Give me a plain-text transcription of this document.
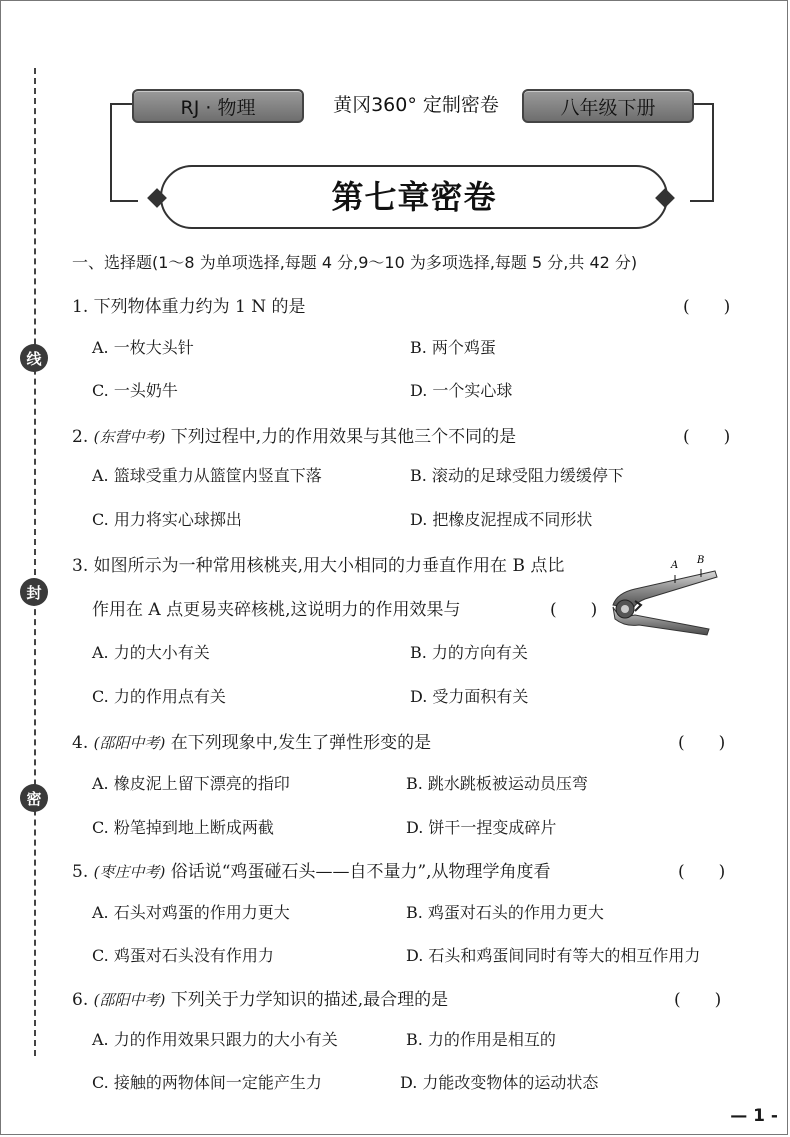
线
封
密
RJ · 物理	黄冈360° 定制密卷	八年级下册
第七章密卷
一、选择题(1～8 为单项选择,每题 4 分,9～10 为多项选择,每题 5 分,共 42 分)
1. 下列物体重力约为 1 N 的是	(　　)
A. 一枚大头针	B. 两个鸡蛋
C. 一头奶牛	D. 一个实心球
2. (东营中考) 下列过程中,力的作用效果与其他三个不同的是	(　　)
A. 篮球受重力从篮筐内竖直下落	B. 滚动的足球受阻力缓缓停下
C. 用力将实心球掷出	D. 把橡皮泥捏成不同形状
3. 如图所示为一种常用核桃夹,用大小相同的力垂直作用在 B 点比
作用在 A 点更易夹碎核桃,这说明力的作用效果与	(　　)
A B
A. 力的大小有关	B. 力的方向有关
C. 力的作用点有关	D. 受力面积有关
4. (邵阳中考) 在下列现象中,发生了弹性形变的是	(　　)
A. 橡皮泥上留下漂亮的指印	B. 跳水跳板被运动员压弯
C. 粉笔掉到地上断成两截	D. 饼干一捏变成碎片
5. (枣庄中考) 俗话说“鸡蛋碰石头——自不量力”,从物理学角度看	(　　)
A. 石头对鸡蛋的作用力更大	B. 鸡蛋对石头的作用力更大
C. 鸡蛋对石头没有作用力	D. 石头和鸡蛋间同时有等大的相互作用力
6. (邵阳中考) 下列关于力学知识的描述,最合理的是	(　　)
A. 力的作用效果只跟力的大小有关	B. 力的作用是相互的
C. 接触的两物体间一定能产生力	D. 力能改变物体的运动状态
— 1 -
